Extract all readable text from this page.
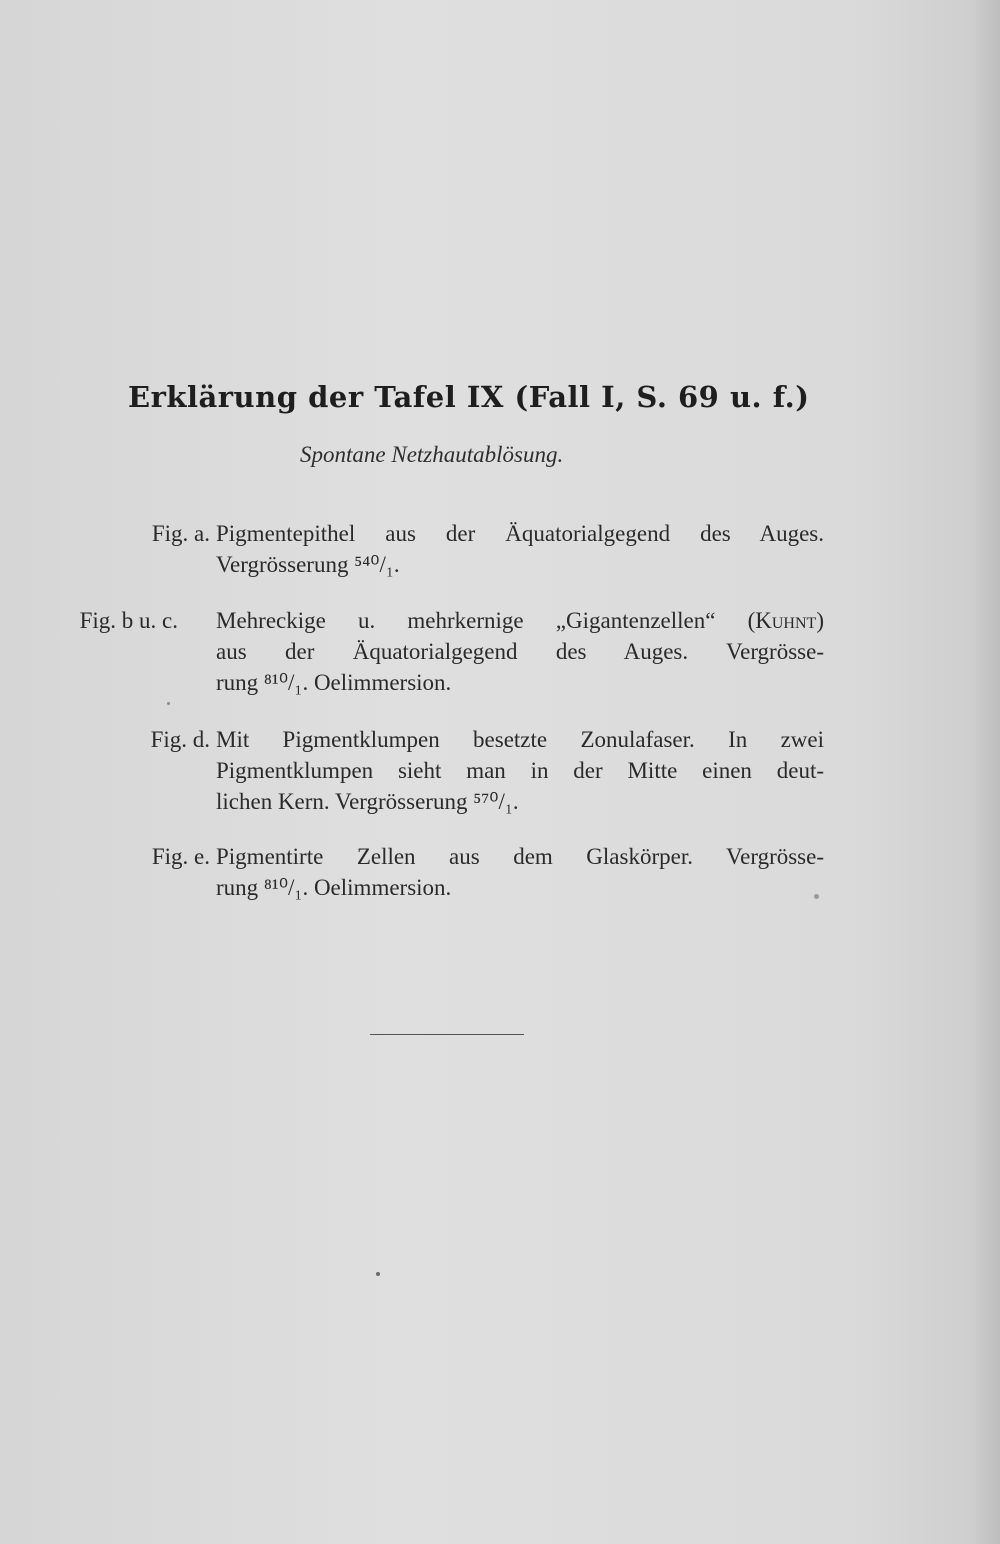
Erklärung der Tafel IX (Fall I, S. 69 u. f.)
Spontane Netzhautablösung.
Fig. a. Pigmentepithel aus der Äquatorialgegend des Auges.
Vergrösserung ⁵⁴⁰/₁.
Fig. b u. c. Mehreckige u. mehrkernige „Gigantenzellen“ (Kuhnt)
aus der Äquatorialgegend des Auges. Vergrösse-
rung ⁸¹⁰/₁. Oelimmersion.
Fig. d. Mit Pigmentklumpen besetzte Zonulafaser. In zwei
Pigmentklumpen sieht man in der Mitte einen deut-
lichen Kern. Vergrösserung ⁵⁷⁰/₁.
Fig. e. Pigmentirte Zellen aus dem Glaskörper. Vergrösse-
rung ⁸¹⁰/₁. Oelimmersion.
